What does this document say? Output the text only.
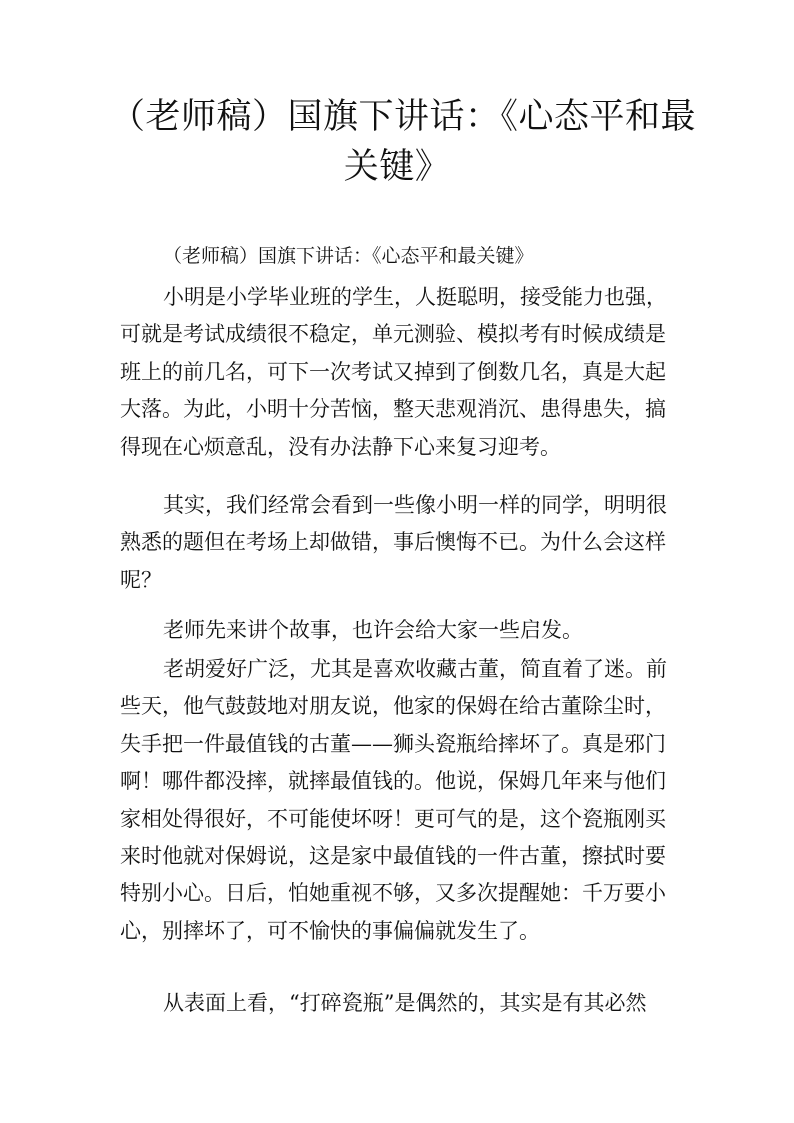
（老师稿）国旗下讲话：《心态平和最
关键》

（老师稿）国旗下讲话：《心态平和最关键》

小明是小学毕业班的学生，人挺聪明，接受能力也强，
可就是考试成绩很不稳定，单元测验、模拟考有时候成绩是
班上的前几名，可下一次考试又掉到了倒数几名，真是大起
大落。为此，小明十分苦恼，整天悲观消沉、患得患失，搞
得现在心烦意乱，没有办法静下心来复习迎考。
其实，我们经常会看到一些像小明一样的同学，明明很
熟悉的题但在考场上却做错，事后懊悔不已。为什么会这样
呢？
老师先来讲个故事，也许会给大家一些启发。
老胡爱好广泛，尤其是喜欢收藏古董，简直着了迷。前
些天，他气鼓鼓地对朋友说，他家的保姆在给古董除尘时，
失手把一件最值钱的古董——狮头瓷瓶给摔坏了。真是邪门
啊！哪件都没摔，就摔最值钱的。他说，保姆几年来与他们
家相处得很好，不可能使坏呀！更可气的是，这个瓷瓶刚买
来时他就对保姆说，这是家中最值钱的一件古董，擦拭时要
特别小心。日后，怕她重视不够，又多次提醒她：千万要小
心，别摔坏了，可不愉快的事偏偏就发生了。
从表面上看，“打碎瓷瓶”是偶然的，其实是有其必然
